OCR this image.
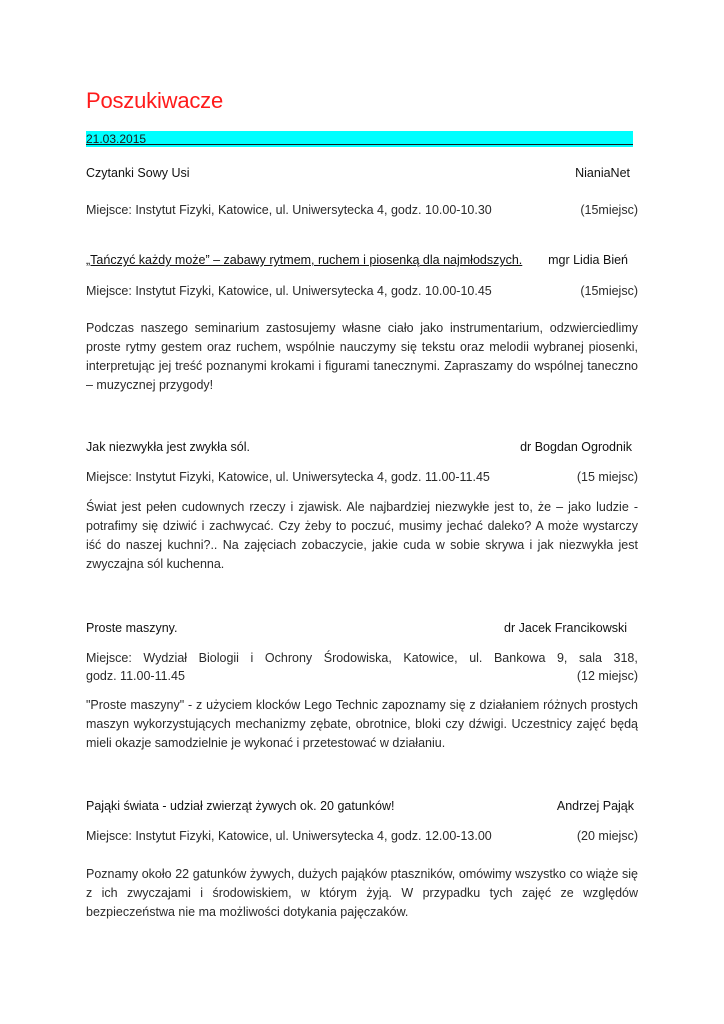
Poszukiwacze
21.03.2015
Czytanki Sowy Usi	NianiaNet
Miejsce: Instytut Fizyki, Katowice, ul. Uniwersytecka 4, godz. 10.00-10.30	(15miejsc)
„Tańczyć każdy może” – zabawy rytmem, ruchem i piosenką dla najmłodszych. mgr Lidia Bień
Miejsce: Instytut Fizyki, Katowice, ul. Uniwersytecka 4, godz. 10.00-10.45	(15miejsc)
Podczas naszego seminarium zastosujemy własne ciało jako instrumentarium, odzwierciedlimy proste rytmy gestem oraz ruchem, wspólnie nauczymy się tekstu oraz melodii wybranej piosenki, interpretując jej treść poznanymi krokami i figurami tanecznymi. Zapraszamy do wspólnej taneczno – muzycznej przygody!
Jak niezwykła jest zwykła sól.	dr Bogdan Ogrodnik
Miejsce: Instytut Fizyki, Katowice, ul. Uniwersytecka 4, godz. 11.00-11.45	(15 miejsc)
Świat jest pełen cudownych rzeczy i zjawisk. Ale najbardziej niezwykłe jest to, że – jako ludzie - potrafimy się dziwić i zachwycać. Czy żeby to poczuć, musimy jechać daleko? A może wystarczy iść do naszej kuchni?.. Na zajęciach zobaczycie, jakie cuda w sobie skrywa i jak niezwykła jest zwyczajna sól kuchenna.
Proste maszyny.	dr Jacek Francikowski
Miejsce: Wydział Biologii i Ochrony Środowiska, Katowice, ul. Bankowa 9, sala 318,
godz. 11.00-11.45	(12 miejsc)
"Proste maszyny" - z użyciem klocków Lego Technic zapoznamy się z działaniem różnych prostych maszyn wykorzystujących mechanizmy zębate, obrotnice, bloki czy dźwigi. Uczestnicy zajęć będą mieli okazje samodzielnie je wykonać i przetestować w działaniu.
Pająki świata - udział zwierząt żywych ok. 20 gatunków!	Andrzej Pająk
Miejsce: Instytut Fizyki, Katowice, ul. Uniwersytecka 4, godz. 12.00-13.00	(20 miejsc)
Poznamy około 22 gatunków żywych, dużych pająków ptaszników, omówimy wszystko co wiąże się z ich zwyczajami i środowiskiem, w którym żyją. W przypadku tych zajęć ze względów bezpieczeństwa nie ma możliwości dotykania pajęczaków.
